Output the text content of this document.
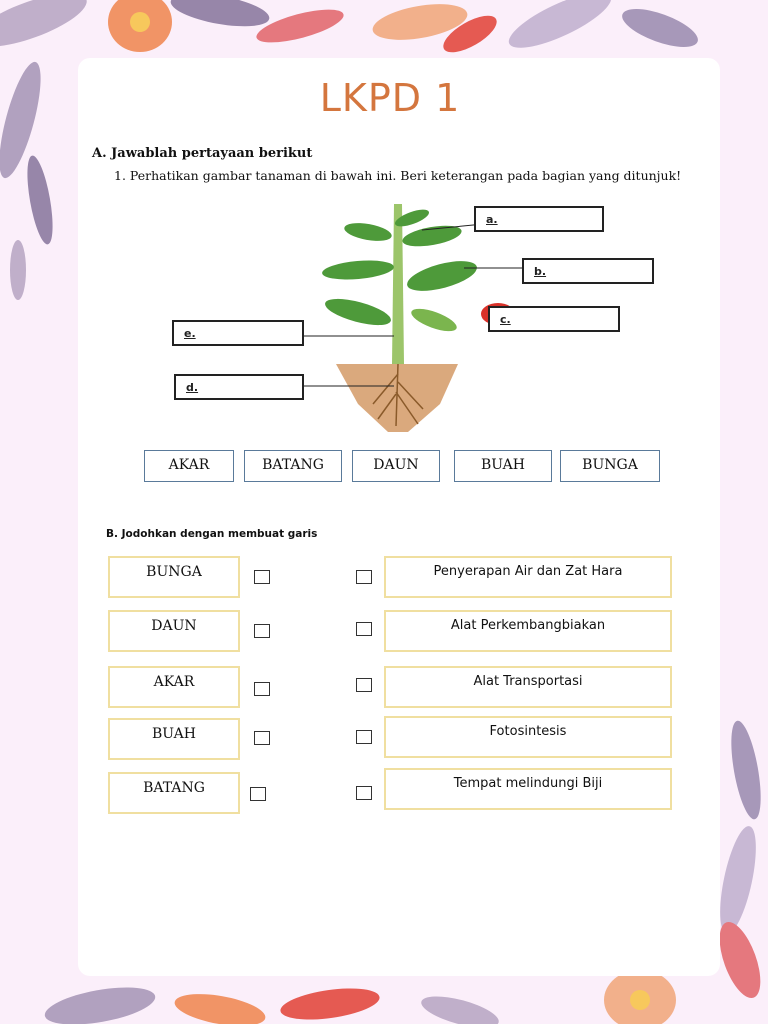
LKPD 1
A. Jawablah pertayaan berikut
1. Perhatikan gambar tanaman di bawah ini. Beri keterangan pada bagian yang ditunjuk!
a.
b.
c.
e.
d.
AKAR	BATANG	DAUN	BUAH	BUNGA
B. Jodohkan dengan membuat garis
BUNGA
DAUN
AKAR
BUAH
BATANG
Penyerapan Air dan Zat Hara
Alat Perkembangbiakan
Alat Transportasi
Fotosintesis
Tempat melindungi Biji
